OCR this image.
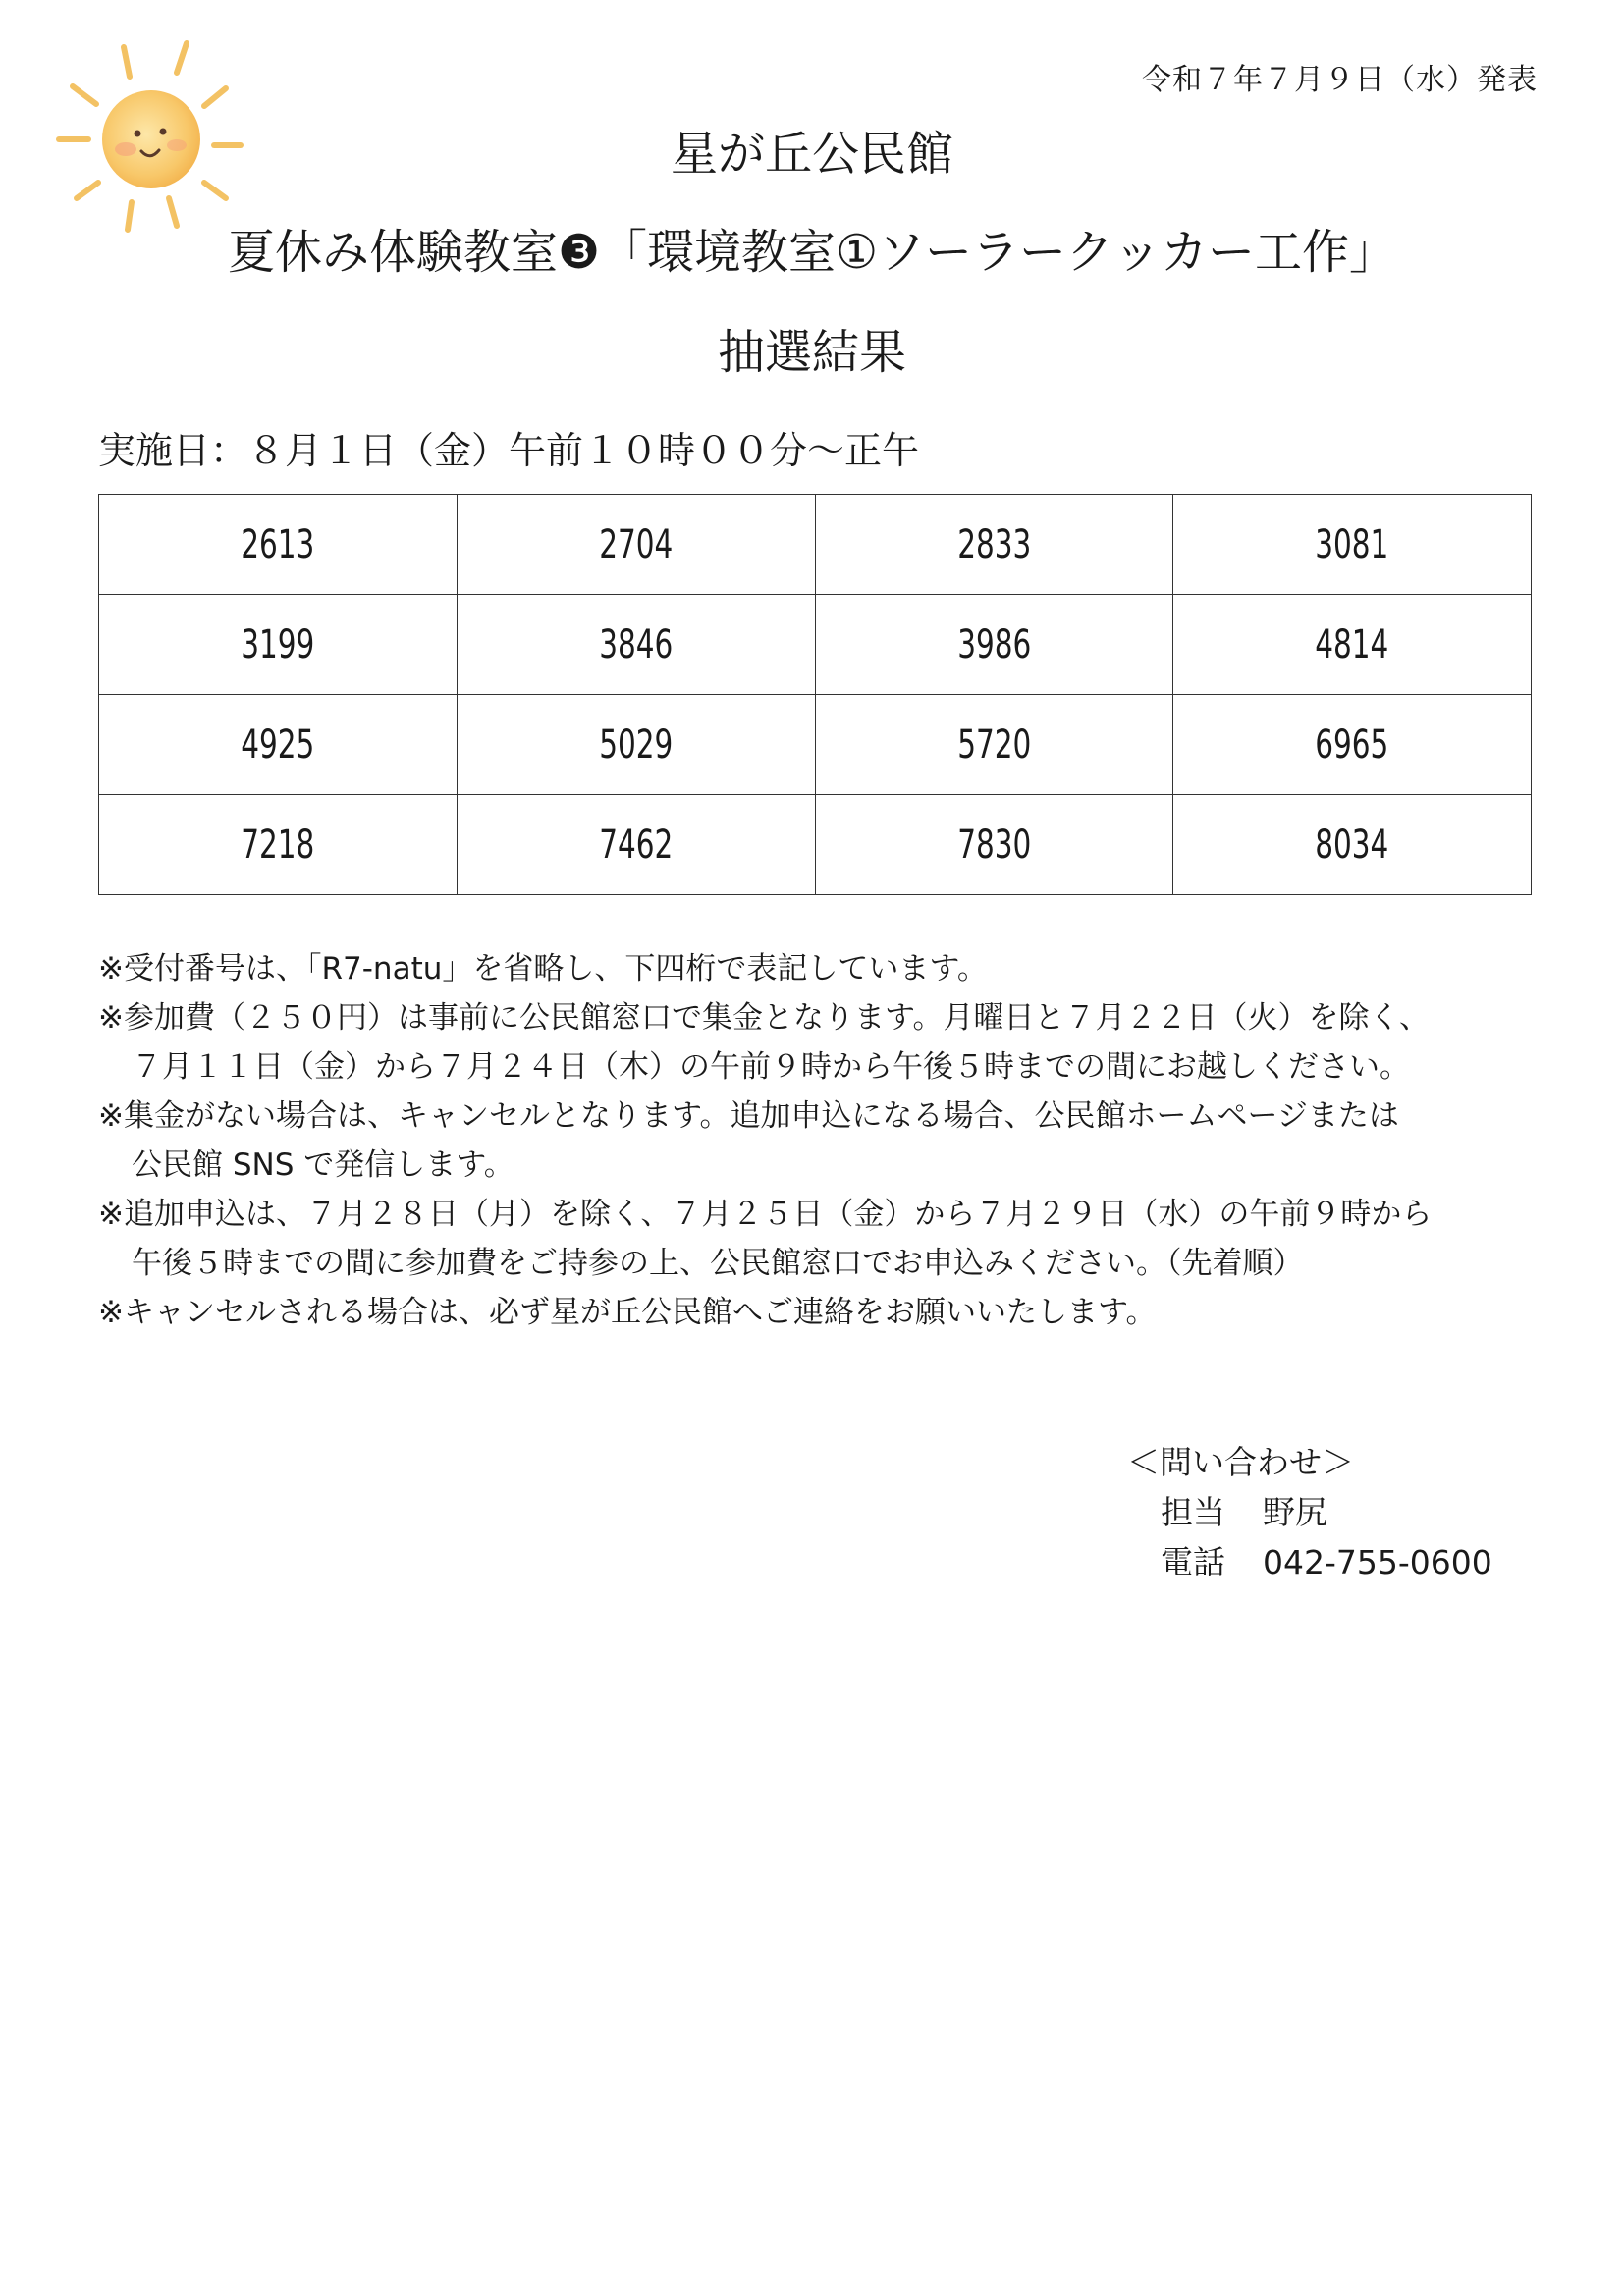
令和７年７月９日（水）発表
星が丘公民館
夏休み体験教室❸「環境教室①ソーラークッカー工作」
抽選結果
実施日：８月１日（金）午前１０時００分～正午
2613	2704	2833	3081
3199	3846	3986	4814
4925	5029	5720	6965
7218	7462	7830	8034
※受付番号は、「R7-natu」を省略し、下四桁で表記しています。
※参加費（２５０円）は事前に公民館窓口で集金となります。月曜日と７月２２日（火）を除く、
７月１１日（金）から７月２４日（木）の午前９時から午後５時までの間にお越しください。
※集金がない場合は、キャンセルとなります。追加申込になる場合、公民館ホームページまたは
公民館 SNS で発信します。
※追加申込は、７月２８日（月）を除く、７月２５日（金）から７月２９日（水）の午前９時から
午後５時までの間に参加費をご持参の上、公民館窓口でお申込みください。（先着順）
※キャンセルされる場合は、必ず星が丘公民館へご連絡をお願いいたします。
＜問い合わせ＞
担当 野尻
電話 042-755-0600
